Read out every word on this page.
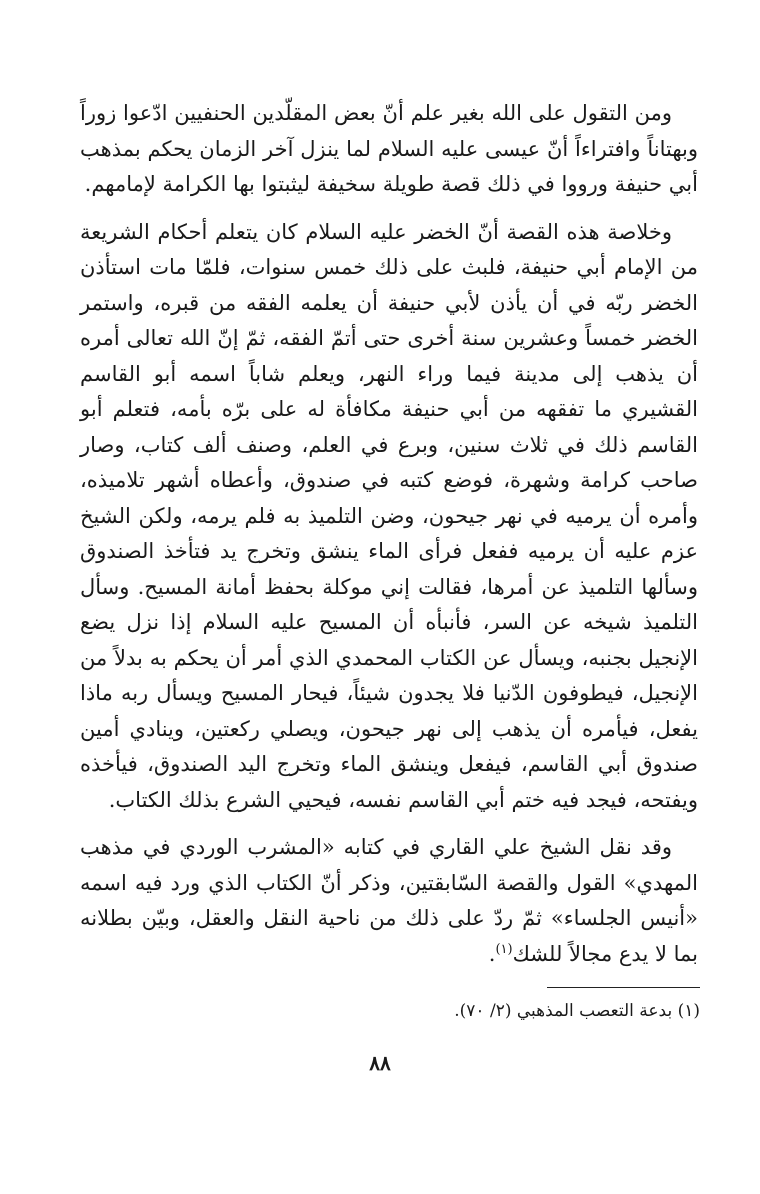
ومن التقول على الله بغير علم أنّ بعض المقلّدين الحنفيين ادّعوا زوراً وبهتاناً وافتراءاً أنّ عيسى عليه السلام لما ينزل آخر الزمان يحكم بمذهب أبي حنيفة ورووا في ذلك قصة طويلة سخيفة ليثبتوا بها الكرامة لإمامهم.

وخلاصة هذه القصة أنّ الخضر عليه السلام كان يتعلم أحكام الشريعة من الإمام أبي حنيفة، فلبث على ذلك خمس سنوات، فلمّا مات استأذن الخضر ربّه في أن يأذن لأبي حنيفة أن يعلمه الفقه من قبره، واستمر الخضر خمساً وعشرين سنة أخرى حتى أتمّ الفقه، ثمّ إنّ الله تعالى أمره أن يذهب إلى مدينة فيما وراء النهر، ويعلم شاباً اسمه أبو القاسم القشيري ما تفقهه من أبي حنيفة مكافأة له على برّه بأمه، فتعلم أبو القاسم ذلك في ثلاث سنين، وبرع في العلم، وصنف ألف كتاب، وصار صاحب كرامة وشهرة، فوضع كتبه في صندوق، وأعطاه أشهر تلاميذه، وأمره أن يرميه في نهر جيحون، وضن التلميذ به فلم يرمه، ولكن الشيخ عزم عليه أن يرميه ففعل فرأى الماء ينشق وتخرج يد فتأخذ الصندوق وسألها التلميذ عن أمرها، فقالت إني موكلة بحفظ أمانة المسيح. وسأل التلميذ شيخه عن السر، فأنبأه أن المسيح عليه السلام إذا نزل يضع الإنجيل بجنبه، ويسأل عن الكتاب المحمدي الذي أمر أن يحكم به بدلاً من الإنجيل، فيطوفون الدّنيا فلا يجدون شيئاً، فيحار المسيح ويسأل ربه ماذا يفعل، فيأمره أن يذهب إلى نهر جيحون، ويصلي ركعتين، وينادي أمين صندوق أبي القاسم، فيفعل وينشق الماء وتخرج اليد الصندوق، فيأخذه ويفتحه، فيجد فيه ختم أبي القاسم نفسه، فيحيي الشرع بذلك الكتاب.

وقد نقل الشيخ علي القاري في كتابه «المشرب الوردي في مذهب المهدي» القول والقصة السّابقتين، وذكر أنّ الكتاب الذي ورد فيه اسمه «أنيس الجلساء» ثمّ ردّ على ذلك من ناحية النقل والعقل، وبيّن بطلانه بما لا يدع مجالاً للشك$^{(١)}$.

(١) بدعة التعصب المذهبي (٢/ ٧٠).
٨٨
